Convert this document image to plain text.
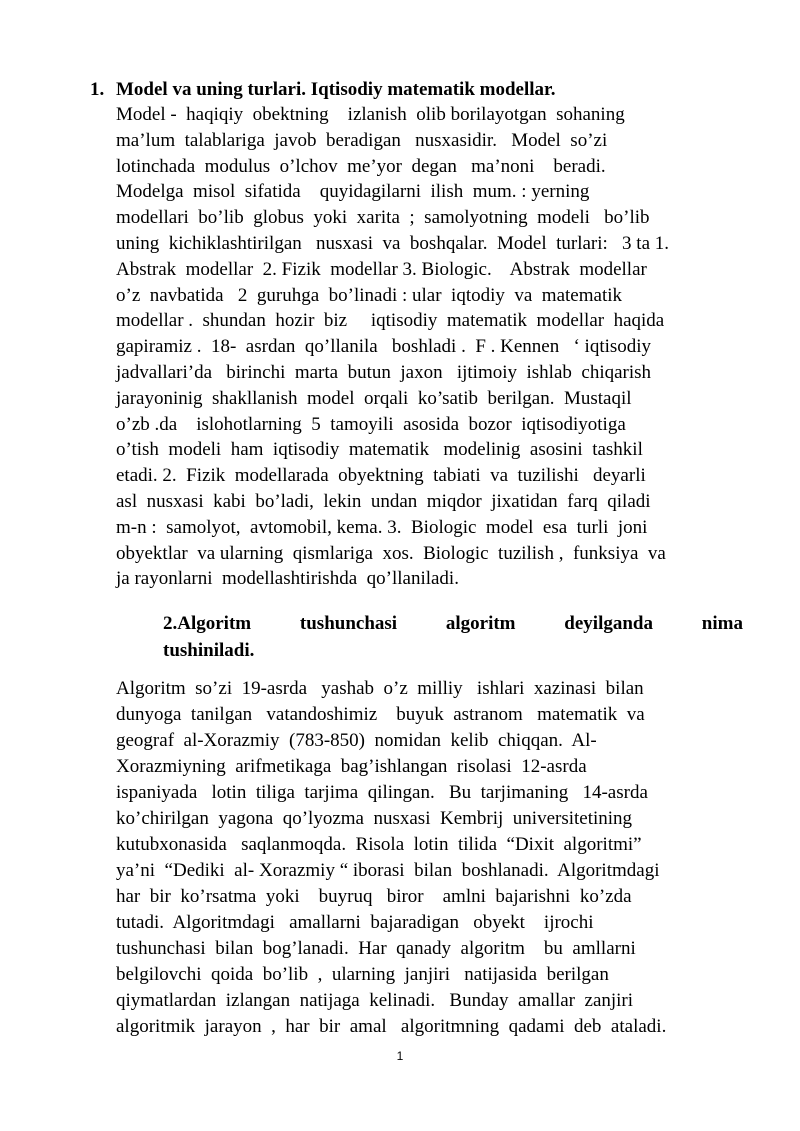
1. Model va uning turlari. Iqtisodiy matematik modellar.

Model -  haqiqiy  obektning    izlanish  olib borilayotgan  sohaning
ma’lum  talablariga  javob  beradigan   nusxasidir.   Model  so’zi
lotinchada  modulus  o’lchov  me’yor  degan   ma’noni    beradi.
Modelga  misol  sifatida    quyidagilarni  ilish  mum. : yerning
modellari  bo’lib  globus  yoki  xarita  ;  samolyotning  modeli   bo’lib
uning  kichiklashtirilgan   nusxasi  va  boshqalar.  Model  turlari:   3 ta 1.
Abstrak  modellar  2. Fizik  modellar 3. Biologic.    Abstrak  modellar
o’z  navbatida   2  guruhga  bo’linadi : ular  iqtodiy  va  matematik
modellar .  shundan  hozir  biz     iqtisodiy  matematik  modellar  haqida
gapiramiz .  18-  asrdan  qo’llanila   boshladi .  F . Kennen   ‘ iqtisodiy
jadvallari’da   birinchi  marta  butun  jaxon   ijtimoiy  ishlab  chiqarish
jarayoninig  shakllanish  model  orqali  ko’satib  berilgan.  Mustaqil
o’zb .da    islohotlarning  5  tamoyili  asosida  bozor  iqtisodiyotiga
o’tish  modeli  ham  iqtisodiy  matematik   modelinig  asosini  tashkil
etadi. 2.  Fizik  modellarada  obyektning  tabiati  va  tuzilishi   deyarli
asl  nusxasi  kabi  bo’ladi,  lekin  undan  miqdor  jixatidan  farq  qiladi
m-n :  samolyot,  avtomobil, kema. 3.  Biologic  model  esa  turli  joni
obyektlar  va ularning  qismlariga  xos.  Biologic  tuzilish ,  funksiya  va
ja rayonlarni  modellashtirishda  qo’llaniladi.
2.Algoritm	tushunchasi	algoritm	deyilganda	nima
tushiniladi.
Algoritm  so’zi  19-asrda   yashab  o’z  milliy   ishlari  xazinasi  bilan
dunyoga  tanilgan   vatandoshimiz    buyuk  astranom   matematik  va
geograf  al-Xorazmiy  (783-850)  nomidan  kelib  chiqqan.  Al-
Xorazmiyning  arifmetikaga  bag’ishlangan  risolasi  12-asrda
ispaniyada   lotin  tiliga  tarjima  qilingan.   Bu  tarjimaning   14-asrda
ko’chirilgan  yagona  qo’lyozma  nusxasi  Kembrij  universitetining
kutubxonasida   saqlanmoqda.  Risola  lotin  tilida  “Dixit  algoritmi”
ya’ni  “Dediki  al- Xorazmiy “ iborasi  bilan  boshlanadi.  Algoritmdagi
har  bir  ko’rsatma  yoki    buyruq   biror    amlni  bajarishni  ko’zda
tutadi.  Algoritmdagi   amallarni  bajaradigan   obyekt    ijrochi
tushunchasi  bilan  bog’lanadi.  Har  qanady  algoritm    bu  amllarni
belgilovchi  qoida  bo’lib  ,  ularning  janjiri   natijasida  berilgan
qiymatlardan  izlangan  natijaga  kelinadi.   Bunday  amallar  zanjiri
algoritmik  jarayon  ,  har  bir  amal   algoritmning  qadami  deb  ataladi.
1
